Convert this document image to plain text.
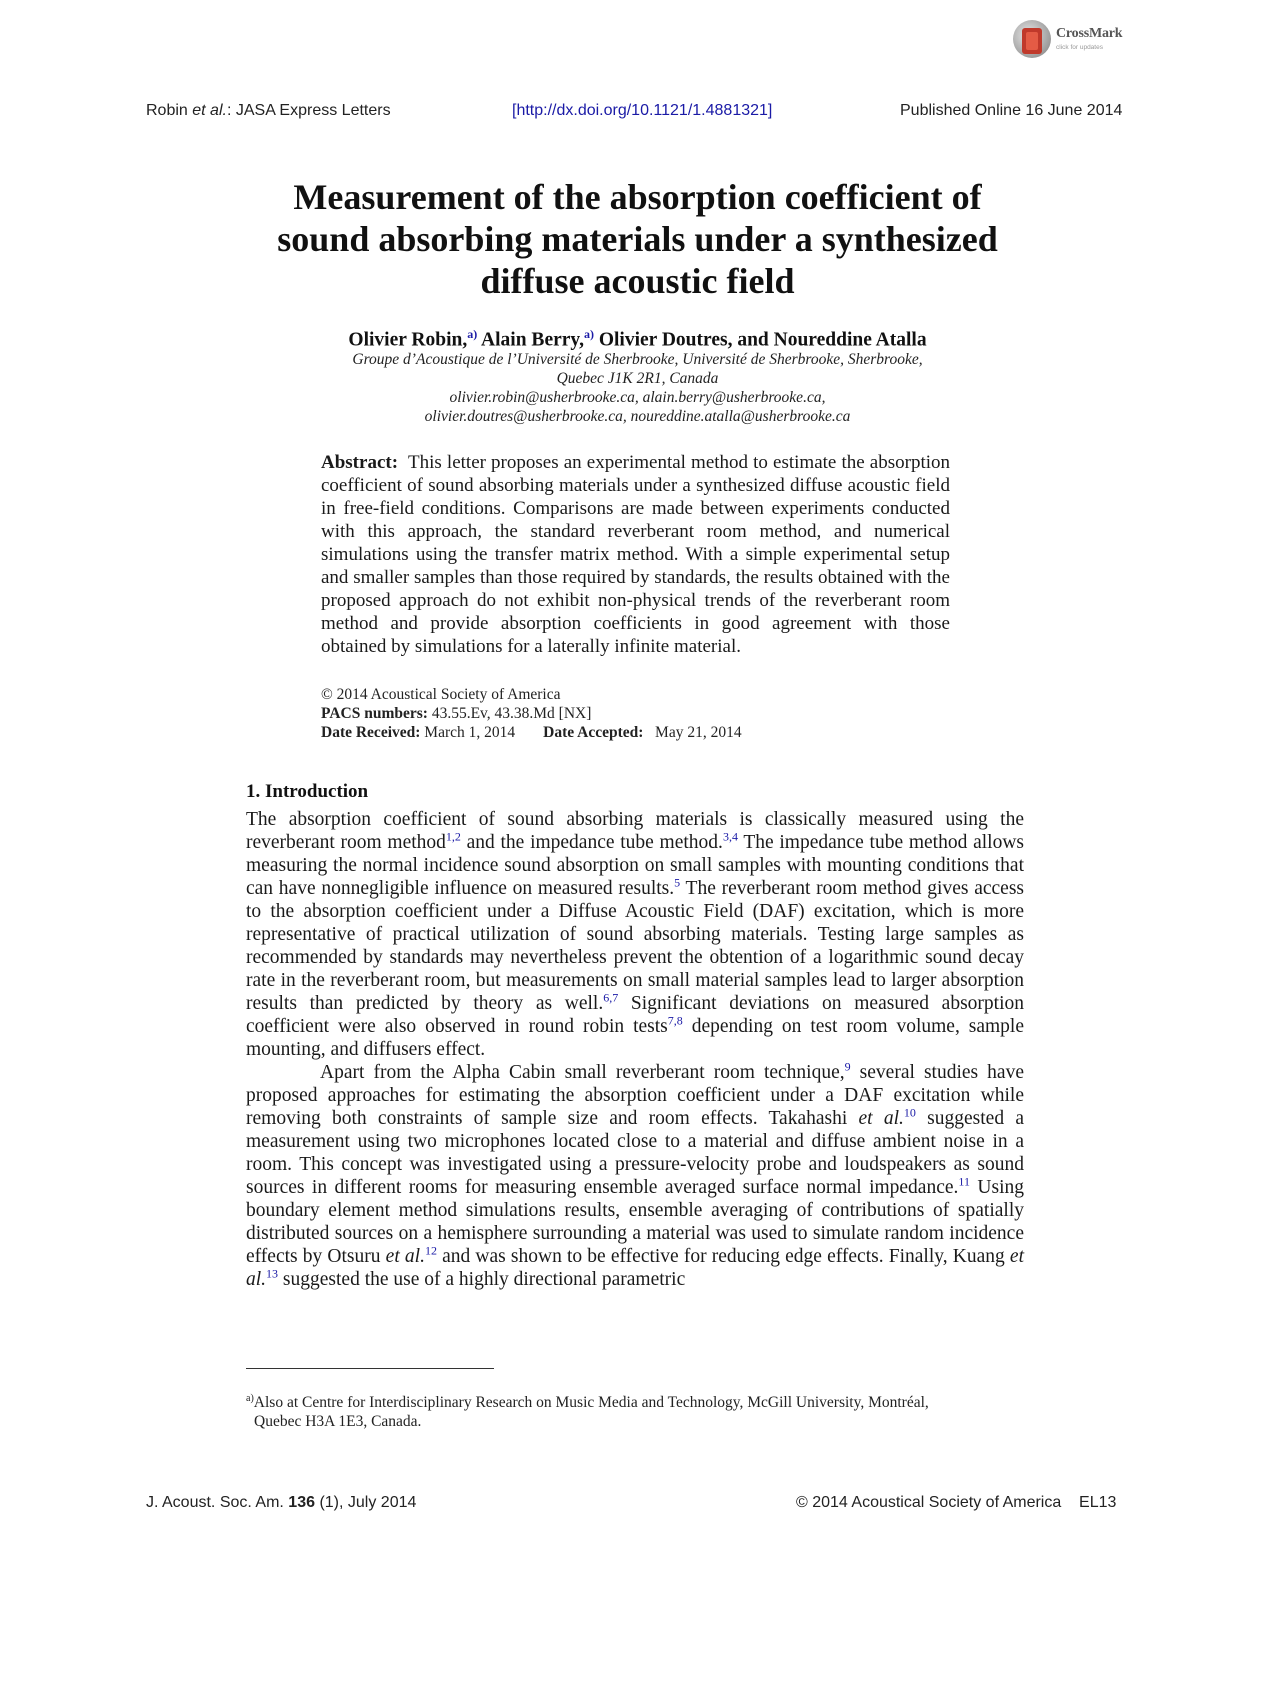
CrossMark
click for updates
Robin et al.: JASA Express Letters	[http://dx.doi.org/10.1121/1.4881321]	Published Online 16 June 2014
Measurement of the absorption coefficient of
sound absorbing materials under a synthesized
diffuse acoustic field
Olivier Robin,$^{a)}$ Alain Berry,$^{a)}$ Olivier Doutres, and Noureddine Atalla
Groupe d’Acoustique de l’Université de Sherbrooke, Université de Sherbrooke, Sherbrooke,
Quebec J1K 2R1, Canada
olivier.robin@usherbrooke.ca, alain.berry@usherbrooke.ca,
olivier.doutres@usherbrooke.ca, noureddine.atalla@usherbrooke.ca
Abstract: This letter proposes an experimental method to estimate the absorption coefficient of sound absorbing materials under a synthesized diffuse acoustic field in free-field conditions. Comparisons are made between experiments conducted with this approach, the standard reverberant room method, and numerical simulations using the transfer matrix method. With a simple experimental setup and smaller samples than those required by standards, the results obtained with the proposed approach do not exhibit non-physical trends of the reverberant room method and provide absorption coefficients in good agreement with those obtained by simulations for a laterally infinite material.
© 2014 Acoustical Society of America
PACS numbers: 43.55.Ev, 43.38.Md [NX]
Date Received: March 1, 2014 Date Accepted: May 21, 2014
1. Introduction

The absorption coefficient of sound absorbing materials is classically measured using the reverberant room method$^{1,2}$ and the impedance tube method.$^{3,4}$ The impedance tube method allows measuring the normal incidence sound absorption on small samples with mounting conditions that can have nonnegligible influence on measured results.$^5$ The reverberant room method gives access to the absorption coefficient under a Diffuse Acoustic Field (DAF) excitation, which is more representative of practical utilization of sound absorbing materials. Testing large samples as recommended by standards may nevertheless prevent the obtention of a logarithmic sound decay rate in the reverberant room, but measurements on small material samples lead to larger absorption results than predicted by theory as well.$^{6,7}$ Significant deviations on measured absorption coefficient were also observed in round robin tests$^{7,8}$ depending on test room volume, sample mounting, and diffusers effect.

Apart from the Alpha Cabin small reverberant room technique,$^9$ several studies have proposed approaches for estimating the absorption coefficient under a DAF excitation while removing both constraints of sample size and room effects. Takahashi et al.$^{10}$ suggested a measurement using two microphones located close to a material and diffuse ambient noise in a room. This concept was investigated using a pressure-velocity probe and loudspeakers as sound sources in different rooms for measuring ensemble averaged surface normal impedance.$^{11}$ Using boundary element method simulations results, ensemble averaging of contributions of spatially distributed sources on a hemisphere surrounding a material was used to simulate random incidence effects by Otsuru et al.$^{12}$ and was shown to be effective for reducing edge effects. Finally, Kuang et al.$^{13}$ suggested the use of a highly directional parametric

$^{a)}$Also at Centre for Interdisciplinary Research on Music Media and Technology, McGill University, Montréal,
Quebec H3A 1E3, Canada.
J. Acoust. Soc. Am. 136 (1), July 2014	© 2014 Acoustical Society of America EL13
